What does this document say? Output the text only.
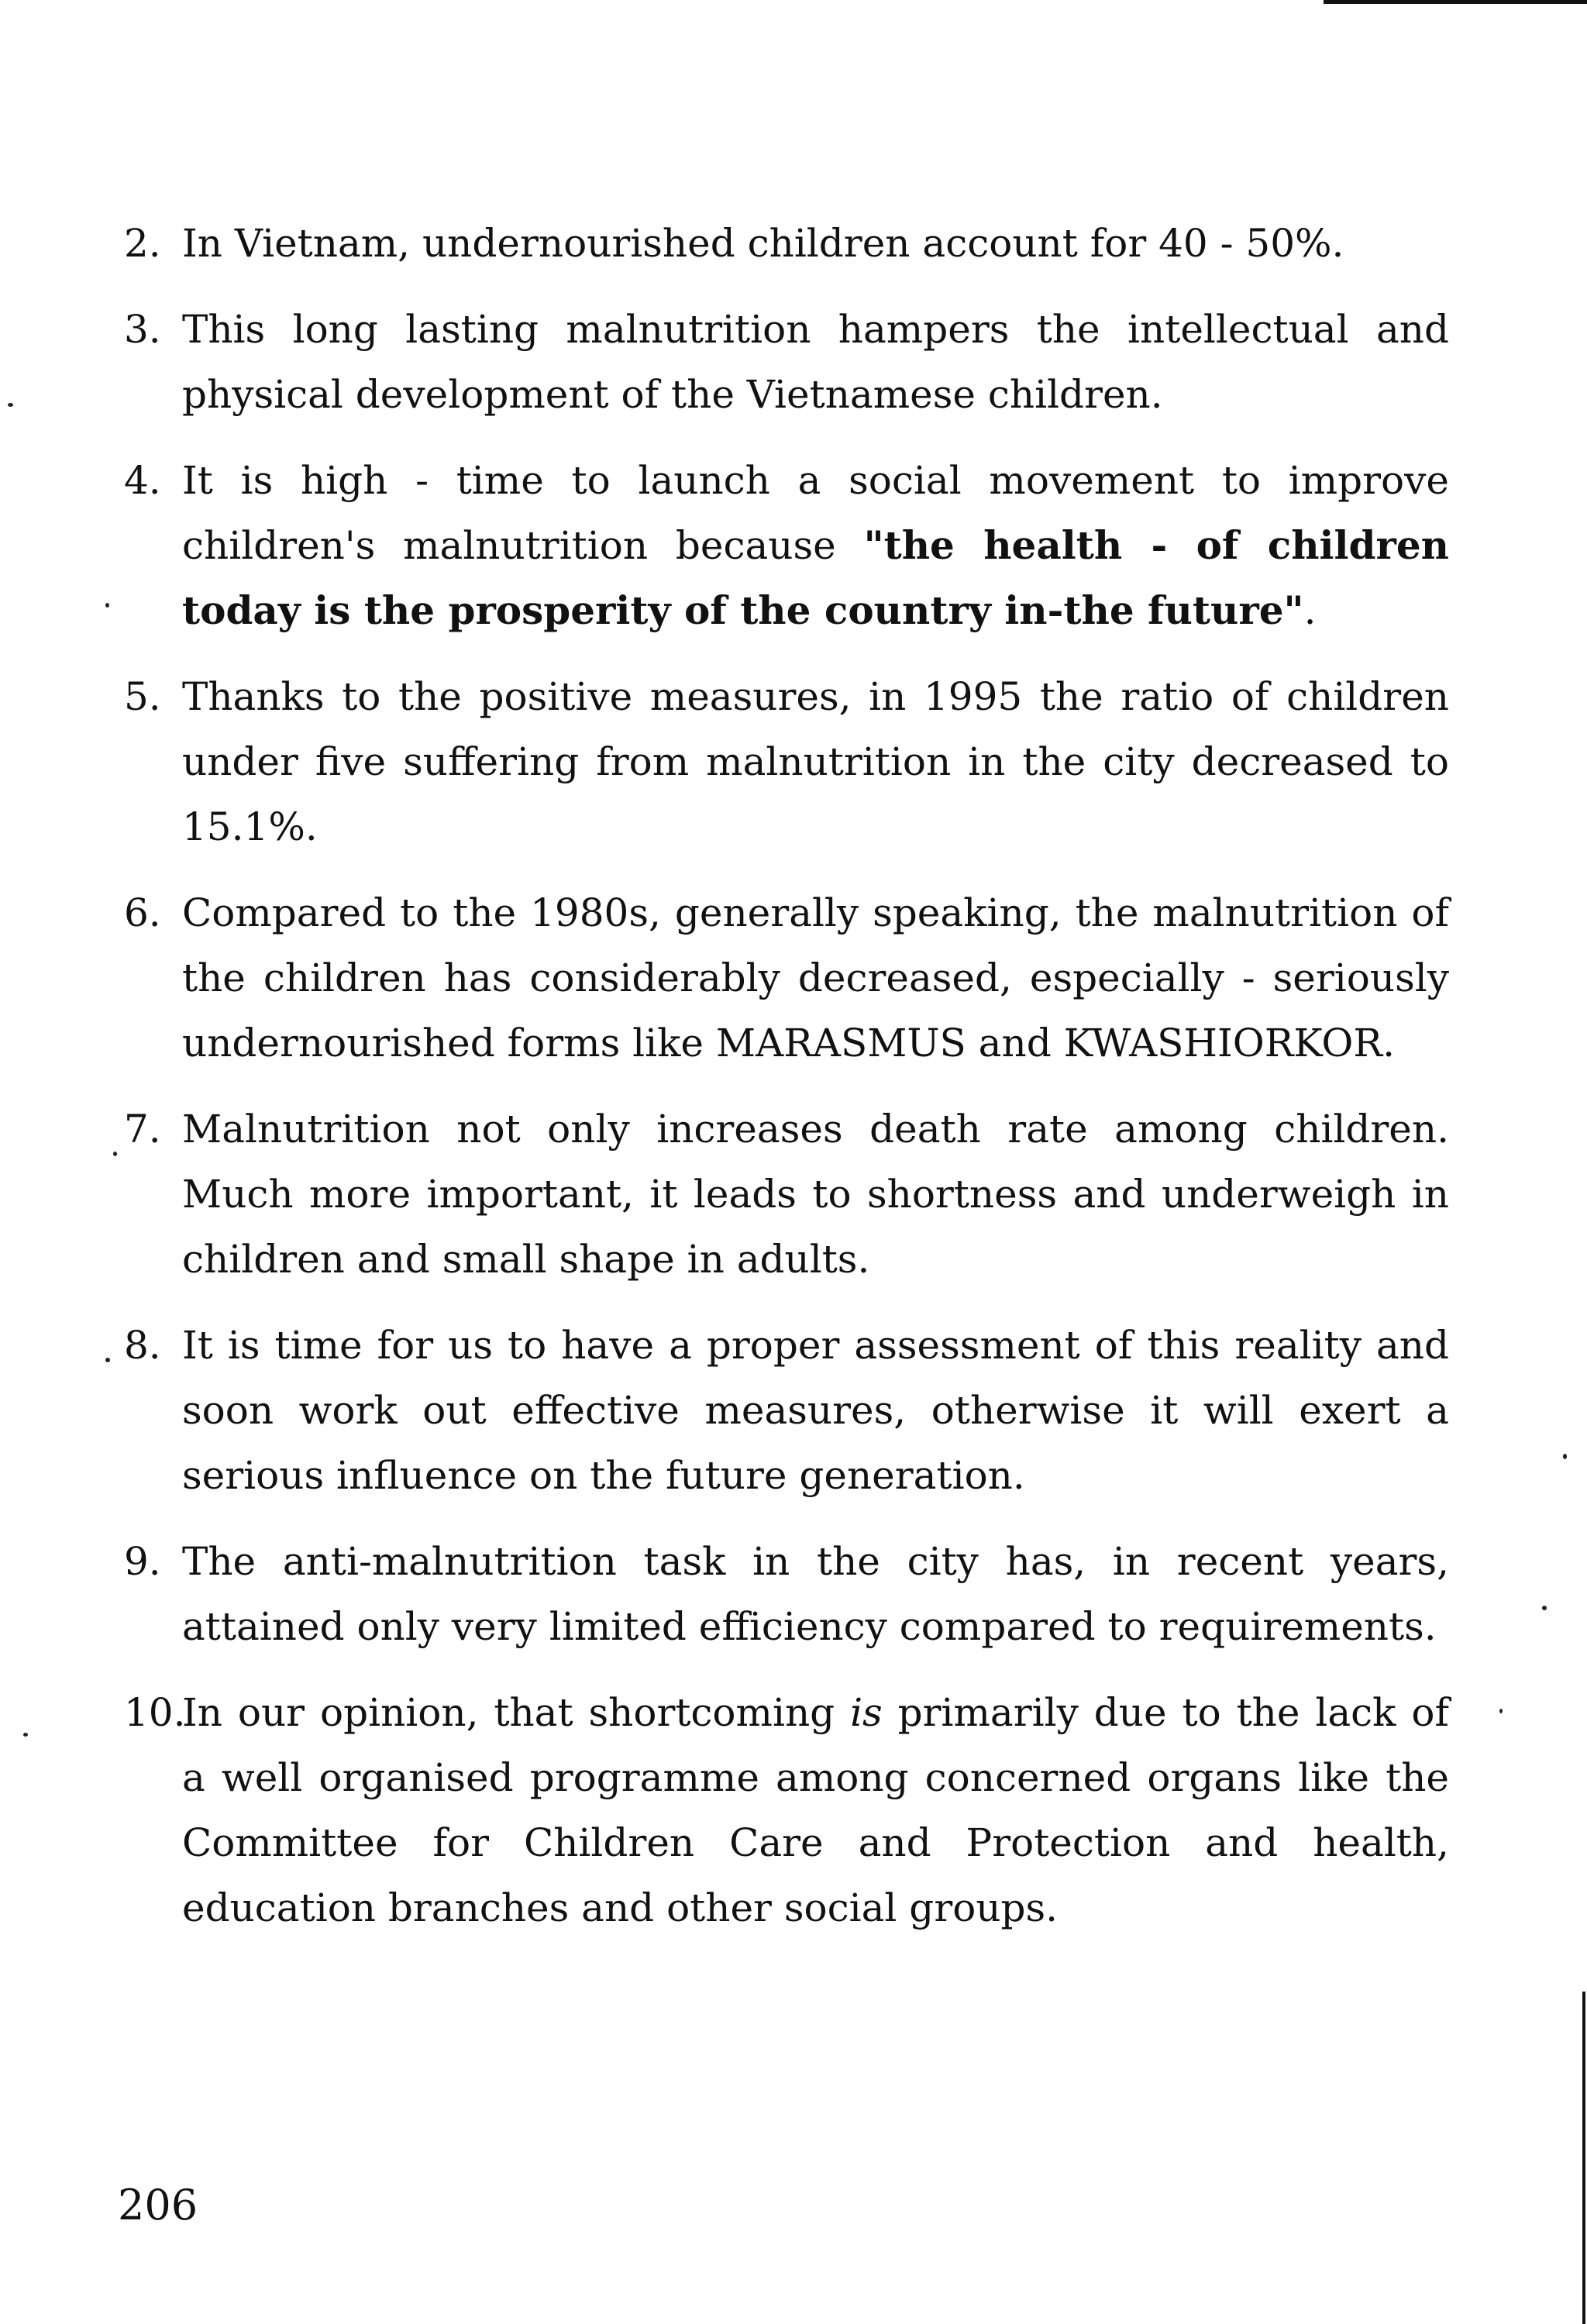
2. In Vietnam, undernourished children account for 40 - 50%.
3. This long lasting malnutrition hampers the intellectual and physical development of the Vietnamese children.
4. It is high - time to launch a social movement to improve children's malnutrition because "the health - of children today is the prosperity of the country in-the future".
5. Thanks to the positive measures, in 1995 the ratio of children under five suffering from malnutrition in the city decreased to 15.1%.
6. Compared to the 1980s, generally speaking, the malnutrition of the children has considerably decreased, especially - seriously undernourished forms like MARASMUS and KWASHIORKOR.
7. Malnutrition not only increases death rate among children. Much more important, it leads to shortness and underweigh in children and small shape in adults.
8. It is time for us to have a proper assessment of this reality and soon work out effective measures, otherwise it will exert a serious influence on the future generation.
9. The anti-malnutrition task in the city has, in recent years, attained only very limited efficiency compared to requirements.
10.
In our opinion, that shortcoming is primarily due to the lack of a well organised programme among concerned organs like the Committee for Children Care and Protection and health, education branches and other social groups.
206
